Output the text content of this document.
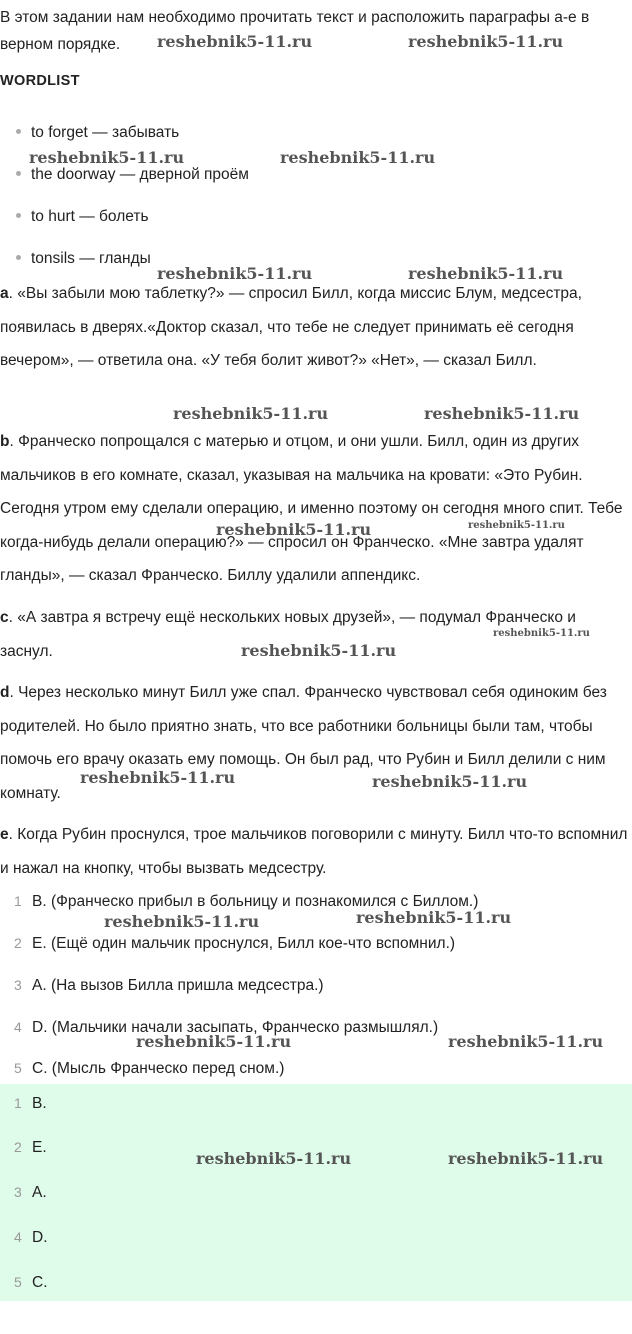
В этом задании нам необходимо прочитать текст и расположить параграфы а-е в верном порядке.
WORDLIST
to forget — забывать
the doorway — дверной проём
to hurt — болеть
tonsils — гланды
a. «Вы забыли мою таблетку?» — спросил Билл, когда миссис Блум, медсестра, появилась в дверях.«Доктор сказал, что тебе не следует принимать её сегодня вечером», — ответила она. «У тебя болит живот?» «Нет», — сказал Билл.
b. Франческо попрощался с матерью и отцом, и они ушли. Билл, один из других мальчиков в его комнате, сказал, указывая на мальчика на кровати: «Это Рубин. Сегодня утром ему сделали операцию, и именно поэтому он сегодня много спит. Тебе когда-нибудь делали операцию?» — спросил он Франческо. «Мне завтра удалят гланды», — сказал Франческо. Биллу удалили аппендикс.
c. «А завтра я встречу ещё нескольких новых друзей», — подумал Франческо и заснул.
d. Через несколько минут Билл уже спал. Франческо чувствовал себя одиноким без родителей. Но было приятно знать, что все работники больницы были там, чтобы помочь его врачу оказать ему помощь. Он был рад, что Рубин и Билл делили с ним комнату.
e. Когда Рубин проснулся, трое мальчиков поговорили с минуту. Билл что-то вспомнил и нажал на кнопку, чтобы вызвать медсестру.
1 B. (Франческо прибыл в больницу и познакомился с Биллом.)
2 E. (Ещё один мальчик проснулся, Билл кое-что вспомнил.)
3 A. (На вызов Билла пришла медсестра.)
4 D. (Мальчики начали засыпать, Франческо размышлял.)
5 C. (Мысль Франческо перед сном.)
1 B.
2 E.
3 A.
4 D.
5 C.
reshebnik5-11.ru	reshebnik5-11.ru
reshebnik5-11.ru	reshebnik5-11.ru
reshebnik5-11.ru	reshebnik5-11.ru
reshebnik5-11.ru	reshebnik5-11.ru
reshebnik5-11.ru	reshebnik5-11.ru
reshebnik5-11.ru
reshebnik5-11.ru
reshebnik5-11.ru	reshebnik5-11.ru
reshebnik5-11.ru	reshebnik5-11.ru
reshebnik5-11.ru	reshebnik5-11.ru
reshebnik5-11.ru	reshebnik5-11.ru
